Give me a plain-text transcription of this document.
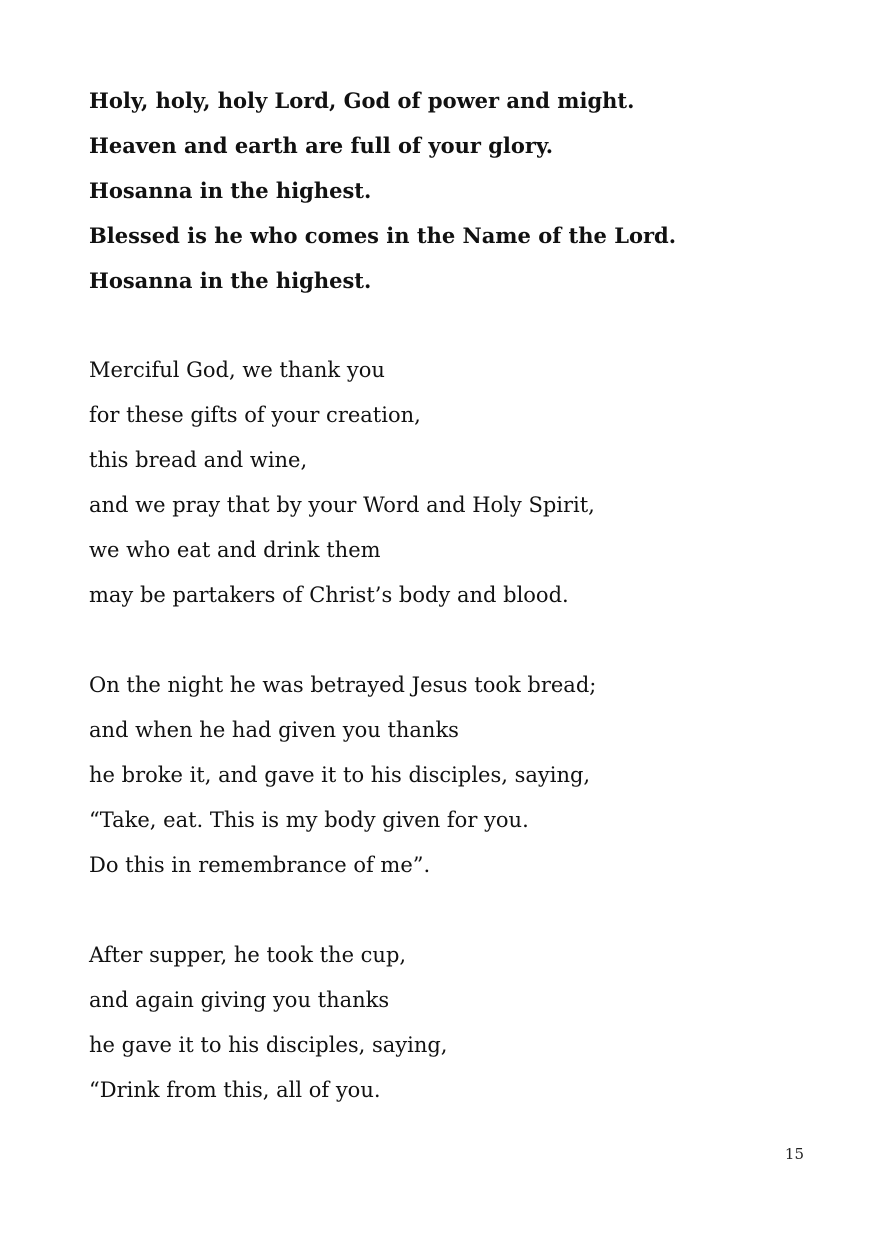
Holy, holy, holy Lord, God of power and might.
Heaven and earth are full of your glory.
Hosanna in the highest.
Blessed is he who comes in the Name of the Lord.
Hosanna in the highest.
Merciful God, we thank you
for these gifts of your creation,
this bread and wine,
and we pray that by your Word and Holy Spirit,
we who eat and drink them
may be partakers of Christ’s body and blood.
On the night he was betrayed Jesus took bread;
and when he had given you thanks
he broke it, and gave it to his disciples, saying,
“Take, eat. This is my body given for you.
Do this in remembrance of me”.
After supper, he took the cup,
and again giving you thanks
he gave it to his disciples, saying,
“Drink from this, all of you.
15
